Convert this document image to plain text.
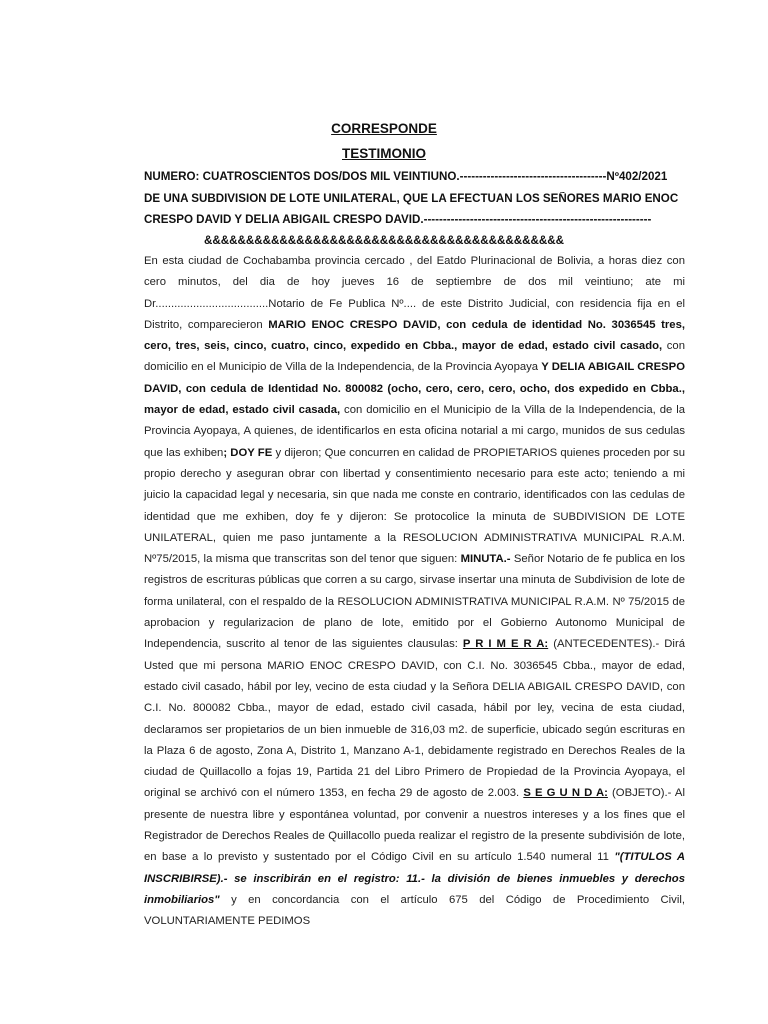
CORRESPONDE
TESTIMONIO
NUMERO: CUATROSCIENTOS DOS/DOS MIL VEINTIUNO.--------------------------------------Nº402/2021
DE UNA SUBDIVISION DE LOTE UNILATERAL, QUE LA EFECTUAN LOS SEÑORES MARIO ENOC
CRESPO DAVID Y DELIA ABIGAIL CRESPO DAVID.-----------------------------------------------------------
&&&&&&&&&&&&&&&&&&&&&&&&&&&&&&&&&&&&&&&&&&&
En esta ciudad de Cochabamba provincia cercado , del Eatdo Plurinacional de Bolivia, a horas diez con cero minutos, del dia de hoy jueves 16 de septiembre de dos mil veintiuno; ate mi Dr....................................Notario de Fe Publica Nº.... de este Distrito Judicial, con residencia fija en el Distrito, comparecieron MARIO ENOC CRESPO DAVID, con cedula de identidad No. 3036545 tres, cero, tres, seis, cinco, cuatro, cinco, expedido en Cbba., mayor de edad, estado civil casado, con domicilio en el Municipio de Villa de la Independencia, de la Provincia Ayopaya Y DELIA ABIGAIL CRESPO DAVID, con cedula de Identidad No. 800082 (ocho, cero, cero, cero, ocho, dos expedido en Cbba., mayor de edad, estado civil casada, con domicilio en el Municipio de la Villa de la Independencia, de la Provincia Ayopaya, A quienes, de identificarlos en esta oficina notarial a mi cargo, munidos de sus cedulas que las exhiben; DOY FE y dijeron; Que concurren en calidad de PROPIETARIOS quienes proceden por su propio derecho y aseguran obrar con libertad y consentimiento necesario para este acto; teniendo a mi juicio la capacidad legal y necesaria, sin que nada me conste en contrario, identificados con las cedulas de identidad que me exhiben, doy fe y dijeron: Se protocolice la minuta de SUBDIVISION DE LOTE UNILATERAL, quien me paso juntamente a la RESOLUCION ADMINISTRATIVA MUNICIPAL R.A.M. Nº75/2015, la misma que transcritas son del tenor que siguen: MINUTA.- Señor Notario de fe publica en los registros de escrituras públicas que corren a su cargo, sirvase insertar una minuta de Subdivision de lote de forma unilateral, con el respaldo de la RESOLUCION ADMINISTRATIVA MUNICIPAL R.A.M. Nº 75/2015 de aprobacion y regularizacion de plano de lote, emitido por el Gobierno Autonomo Municipal de Independencia, suscrito al tenor de las siguientes clausulas: P R I M E R A: (ANTECEDENTES).- Dirá Usted que mi persona MARIO ENOC CRESPO DAVID, con C.I. No. 3036545 Cbba., mayor de edad, estado civil casado, hábil por ley, vecino de esta ciudad y la Señora DELIA ABIGAIL CRESPO DAVID, con C.I. No. 800082 Cbba., mayor de edad, estado civil casada, hábil por ley, vecina de esta ciudad, declaramos ser propietarios de un bien inmueble de 316,03 m2. de superficie, ubicado según escrituras en la Plaza 6 de agosto, Zona A, Distrito 1, Manzano A-1, debidamente registrado en Derechos Reales de la ciudad de Quillacollo a fojas 19, Partida 21 del Libro Primero de Propiedad de la Provincia Ayopaya, el original se archivó con el número 1353, en fecha 29 de agosto de 2.003. S E G U N D A: (OBJETO).- Al presente de nuestra libre y espontánea voluntad, por convenir a nuestros intereses y a los fines que el Registrador de Derechos Reales de Quillacollo pueda realizar el registro de la presente subdivisión de lote, en base a lo previsto y sustentado por el Código Civil en su artículo 1.540 numeral 11 "(TITULOS A INSCRIBIRSE).- se inscribirán en el registro: 11.- la división de bienes inmuebles y derechos inmobiliarios" y en concordancia con el artículo 675 del Código de Procedimiento Civil, VOLUNTARIAMENTE PEDIMOS
